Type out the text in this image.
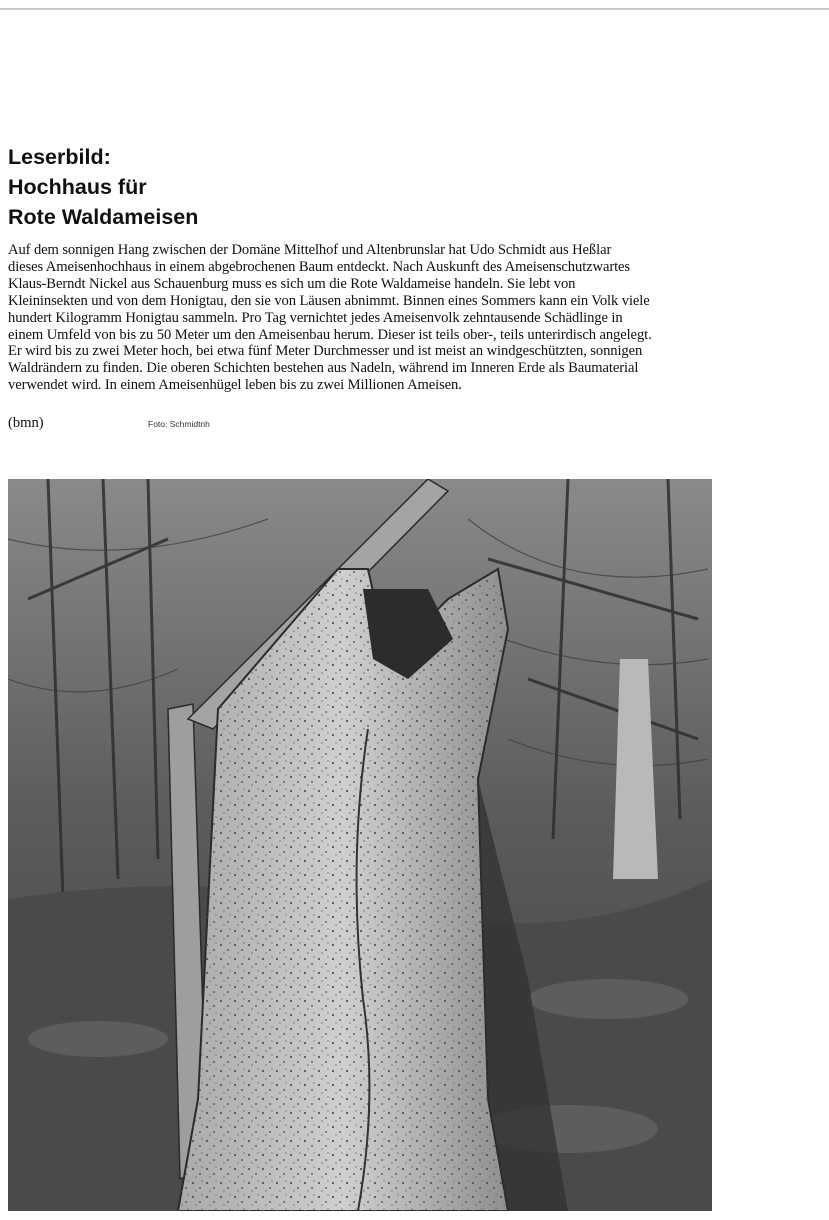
Leserbild:
Hochhaus für
Rote Waldameisen
Auf dem sonnigen Hang zwischen der Domäne Mittelhof und Altenbrunslar hat Udo Schmidt aus Heßlar
dieses Ameisenhochhaus in einem abgebrochenen Baum entdeckt. Nach Auskunft des Ameisenschutzwartes
Klaus-Berndt Nickel aus Schauenburg muss es sich um die Rote Waldameise handeln. Sie lebt von
Kleininsekten und von dem Honigtau, den sie von Läusen abnimmt. Binnen eines Sommers kann ein Volk viele
hundert Kilogramm Honigtau sammeln. Pro Tag vernichtet jedes Ameisenvolk zehntausende Schädlinge in
einem Umfeld von bis zu 50 Meter um den Ameisenbau herum. Dieser ist teils ober-, teils unterirdisch angelegt.
Er wird bis zu zwei Meter hoch, bei etwa fünf Meter Durchmesser und ist meist an windgeschützten, sonnigen
Waldrändern zu finden. Die oberen Schichten bestehen aus Nadeln, während im Inneren Erde als Baumaterial
verwendet wird. In einem Ameisenhügel leben bis zu zwei Millionen Ameisen.
(bmn)	Foto: Schmidtnh
